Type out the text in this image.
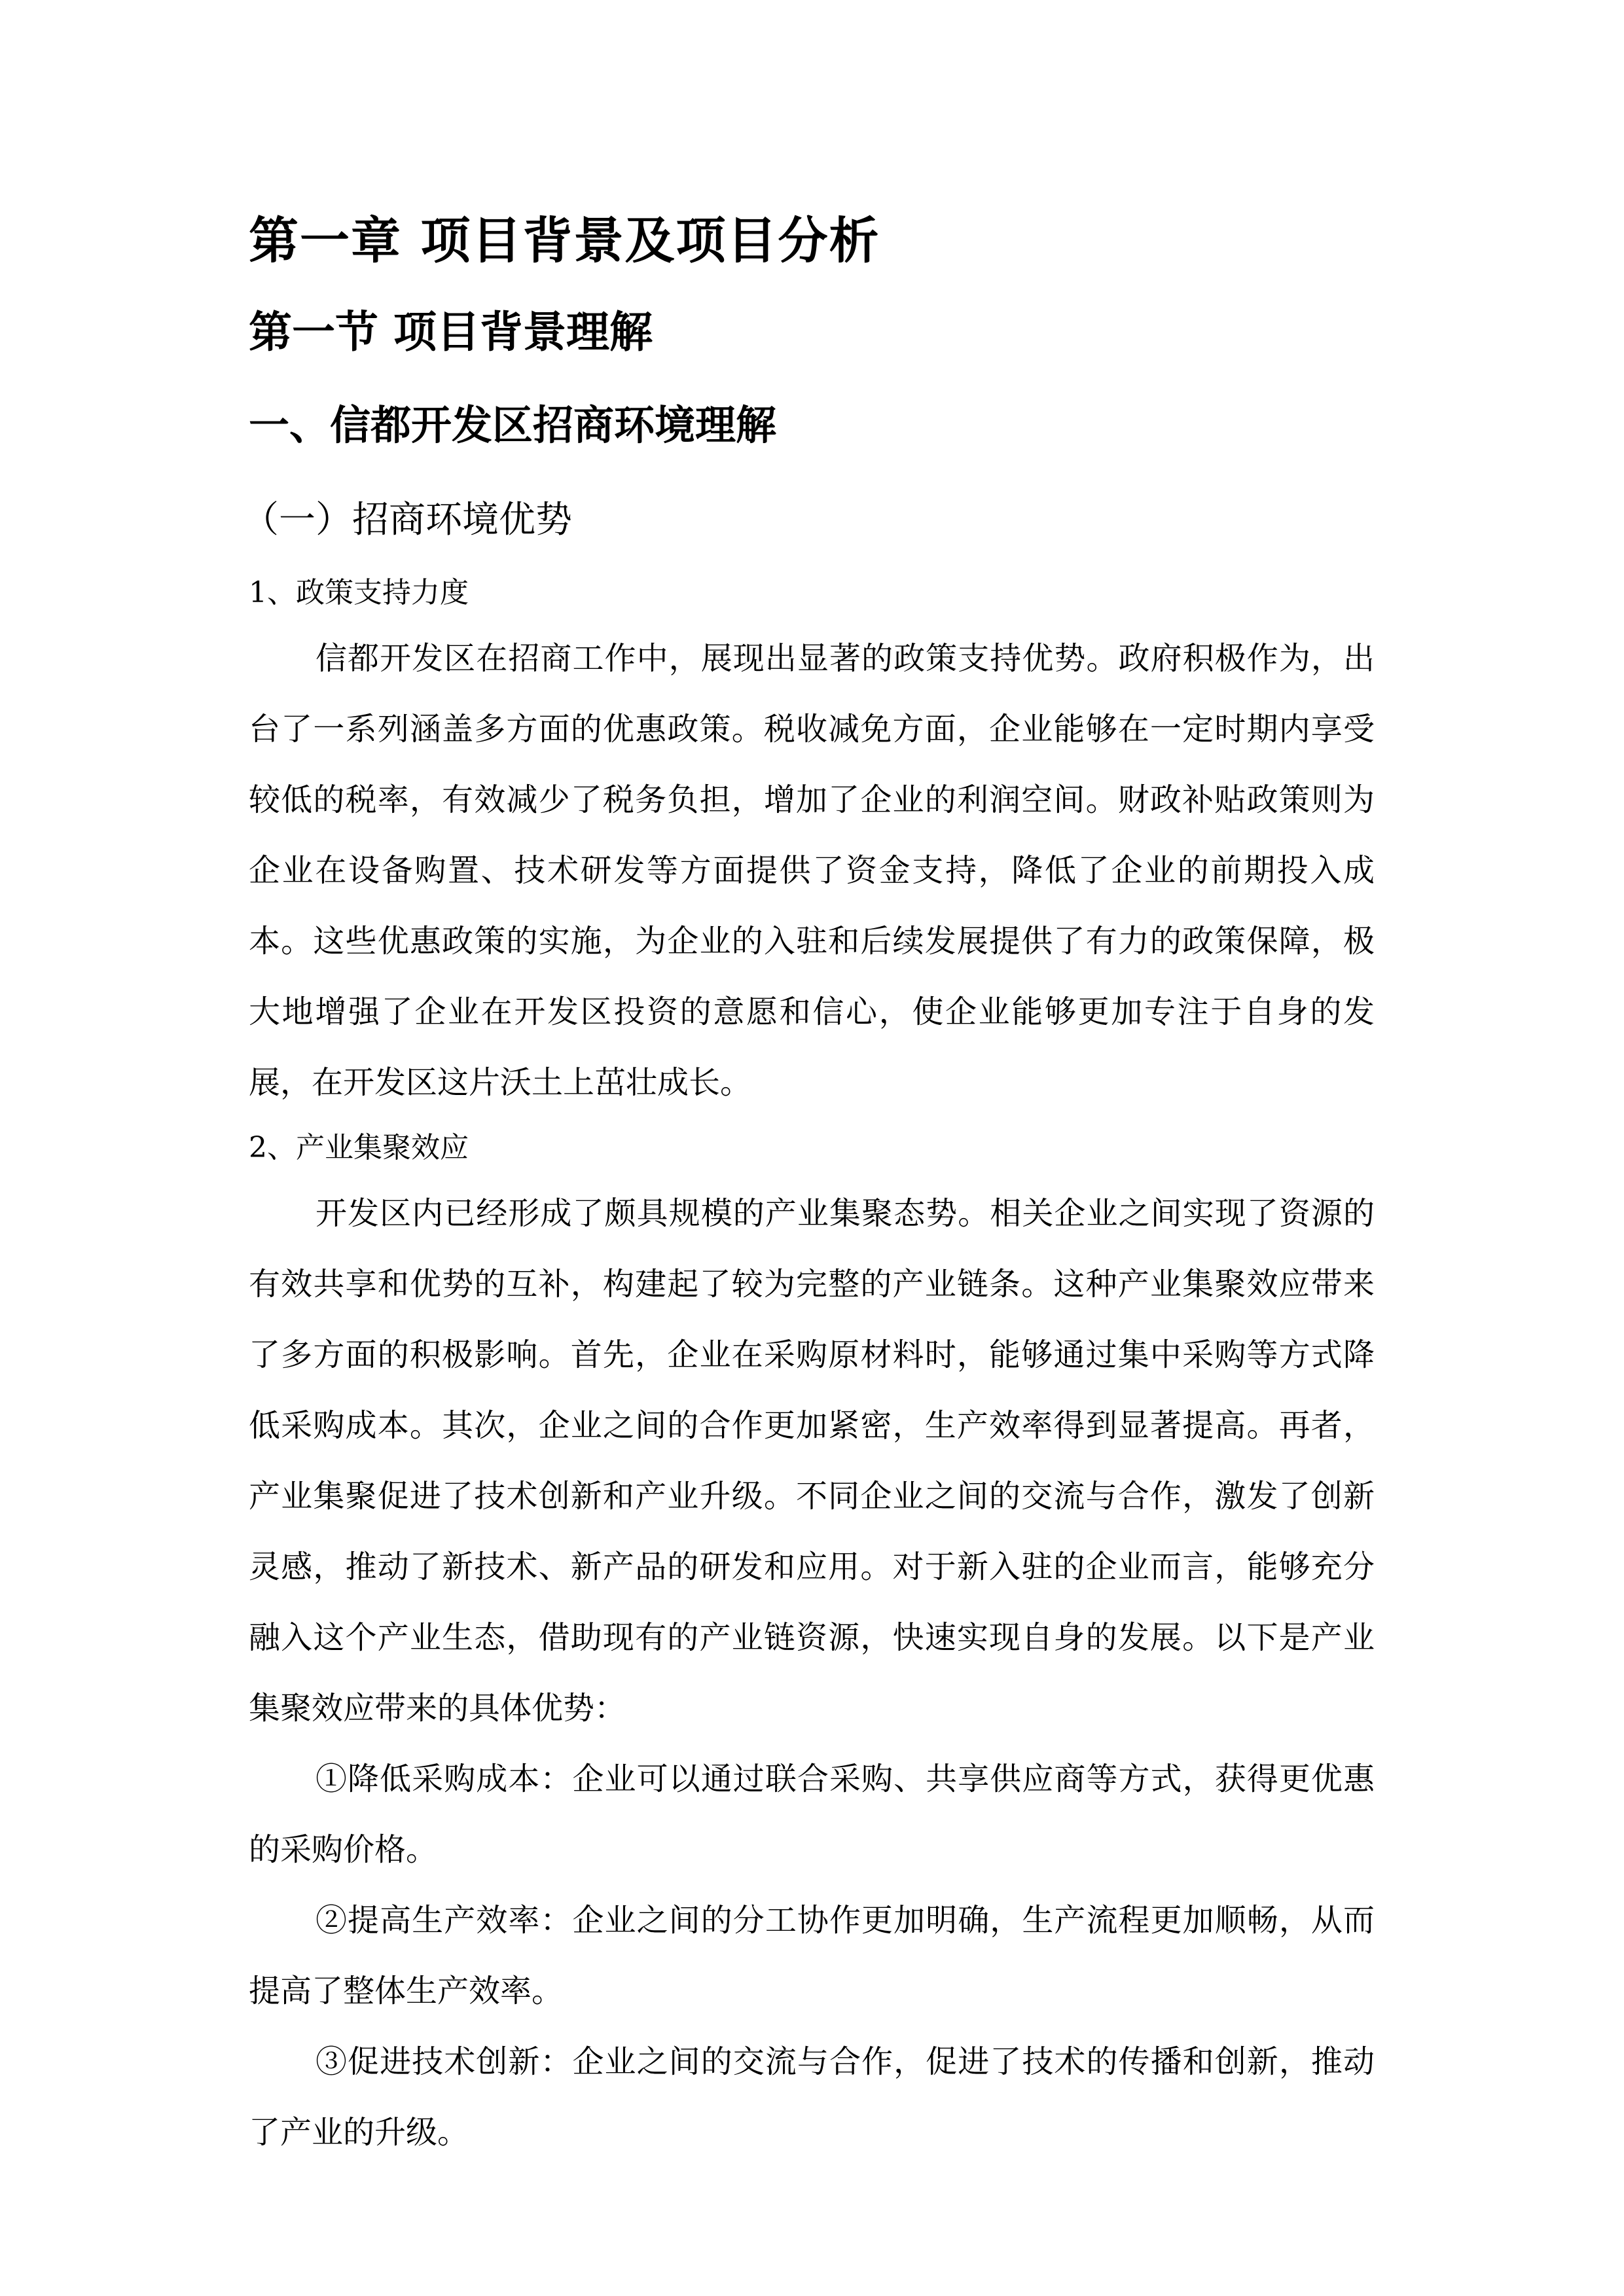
第一章 项目背景及项目分析
第一节 项目背景理解
一、信都开发区招商环境理解
（一）招商环境优势
1、政策支持力度

信都开发区在招商工作中，展现出显著的政策支持优势。政府积极作为，出台了一系列涵盖多方面的优惠政策。税收减免方面，企业能够在一定时期内享受较低的税率，有效减少了税务负担，增加了企业的利润空间。财政补贴政策则为企业在设备购置、技术研发等方面提供了资金支持，降低了企业的前期投入成本。这些优惠政策的实施，为企业的入驻和后续发展提供了有力的政策保障，极大地增强了企业在开发区投资的意愿和信心，使企业能够更加专注于自身的发展，在开发区这片沃土上茁壮成长。

2、产业集聚效应

开发区内已经形成了颇具规模的产业集聚态势。相关企业之间实现了资源的有效共享和优势的互补，构建起了较为完整的产业链条。这种产业集聚效应带来了多方面的积极影响。首先，企业在采购原材料时，能够通过集中采购等方式降低采购成本。其次，企业之间的合作更加紧密，生产效率得到显著提高。再者，产业集聚促进了技术创新和产业升级。不同企业之间的交流与合作，激发了创新灵感，推动了新技术、新产品的研发和应用。对于新入驻的企业而言，能够充分融入这个产业生态，借助现有的产业链资源，快速实现自身的发展。以下是产业集聚效应带来的具体优势：

①降低采购成本：企业可以通过联合采购、共享供应商等方式，获得更优惠的采购价格。

②提高生产效率：企业之间的分工协作更加明确，生产流程更加顺畅，从而提高了整体生产效率。

③促进技术创新：企业之间的交流与合作，促进了技术的传播和创新，推动了产业的升级。
